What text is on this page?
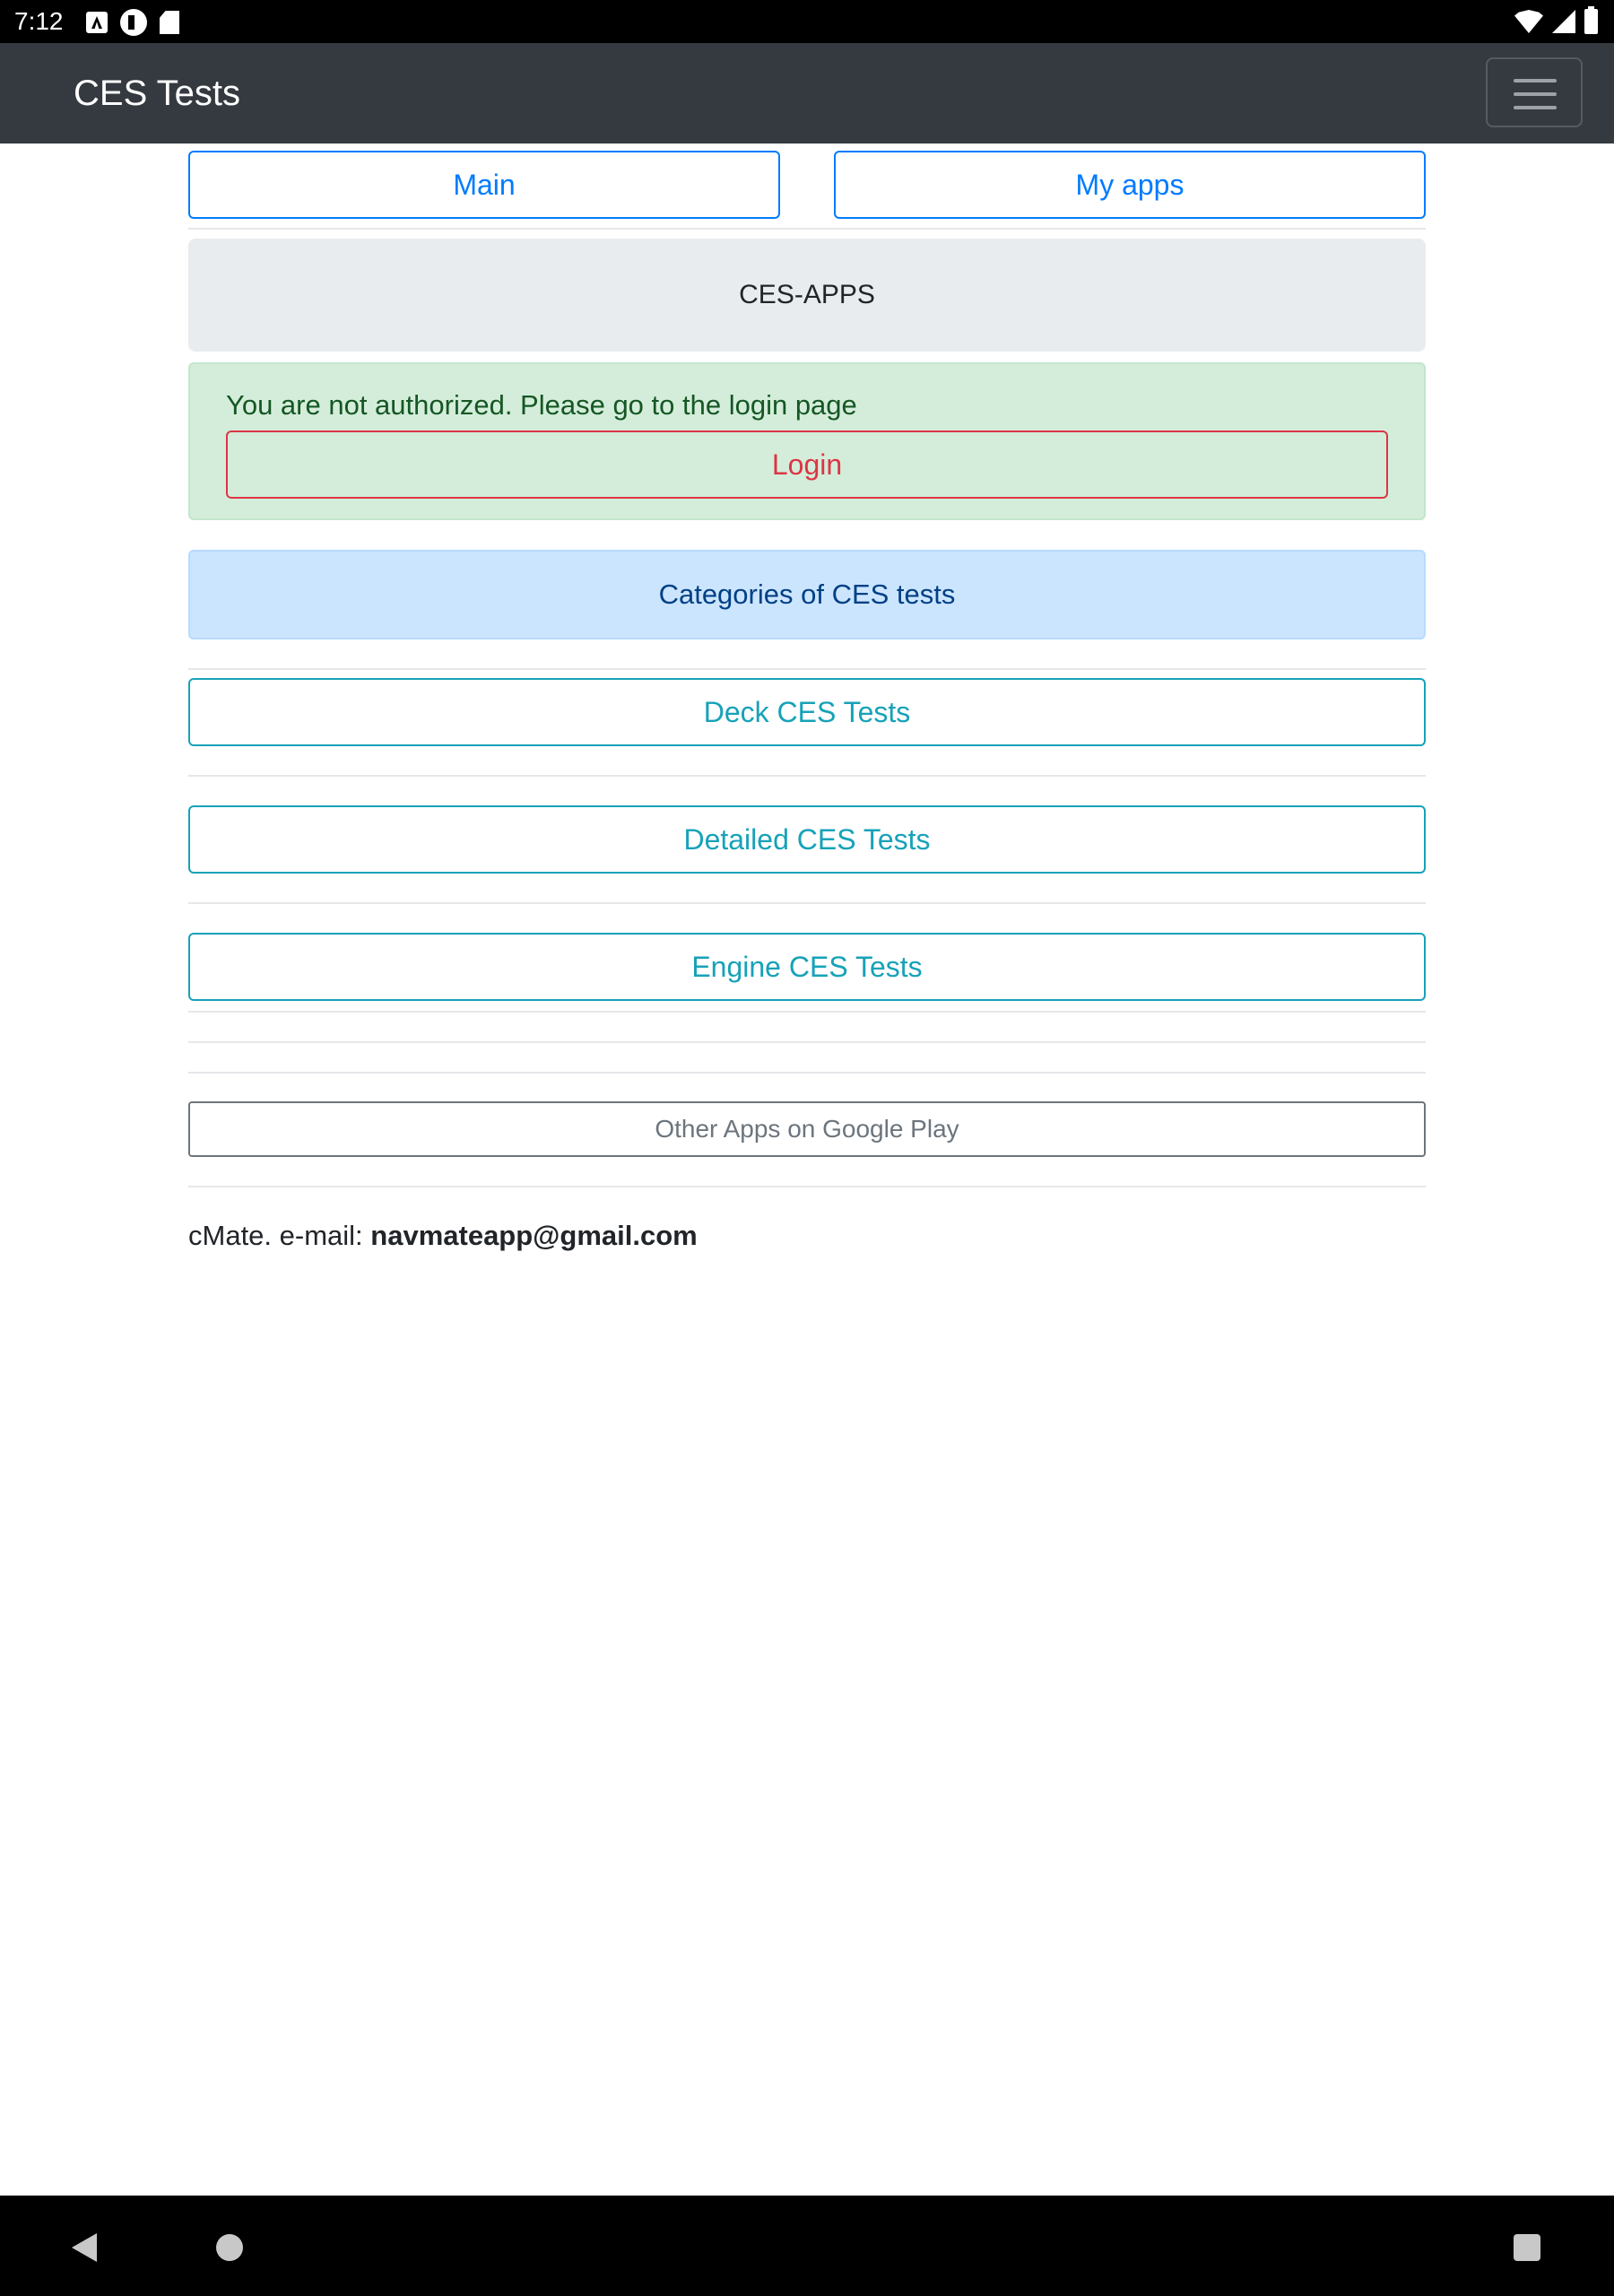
7:12
CES Tests
Main	My apps
CES-APPS
You are not authorized. Please go to the login page
Login
Categories of CES tests
Deck CES Tests
Detailed CES Tests
Engine CES Tests
Other Apps on Google Play
cMate. e-mail: navmateapp@gmail.com
